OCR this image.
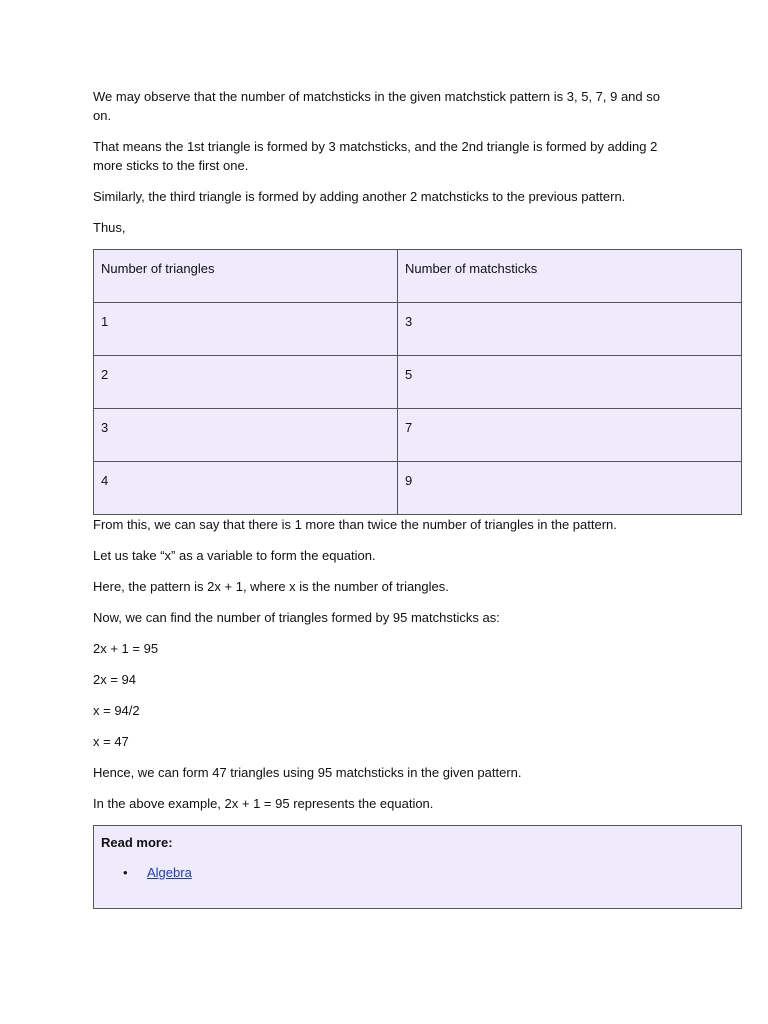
We may observe that the number of matchsticks in the given matchstick pattern is 3, 5, 7, 9 and so on.

That means the 1st triangle is formed by 3 matchsticks, and the 2nd triangle is formed by adding 2 more sticks to the first one.

Similarly, the third triangle is formed by adding another 2 matchsticks to the previous pattern.

Thus,

Number of triangles	Number of matchsticks
1	3
2	5
3	7
4	9

From this, we can say that there is 1 more than twice the number of triangles in the pattern.

Let us take “x” as a variable to form the equation.

Here, the pattern is 2x + 1, where x is the number of triangles.

Now, we can find the number of triangles formed by 95 matchsticks as:

2x + 1 = 95

2x = 94

x = 94/2

x = 47

Hence, we can form 47 triangles using 95 matchsticks in the given pattern.

In the above example, 2x + 1 = 95 represents the equation.

Read more:

• Algebra
